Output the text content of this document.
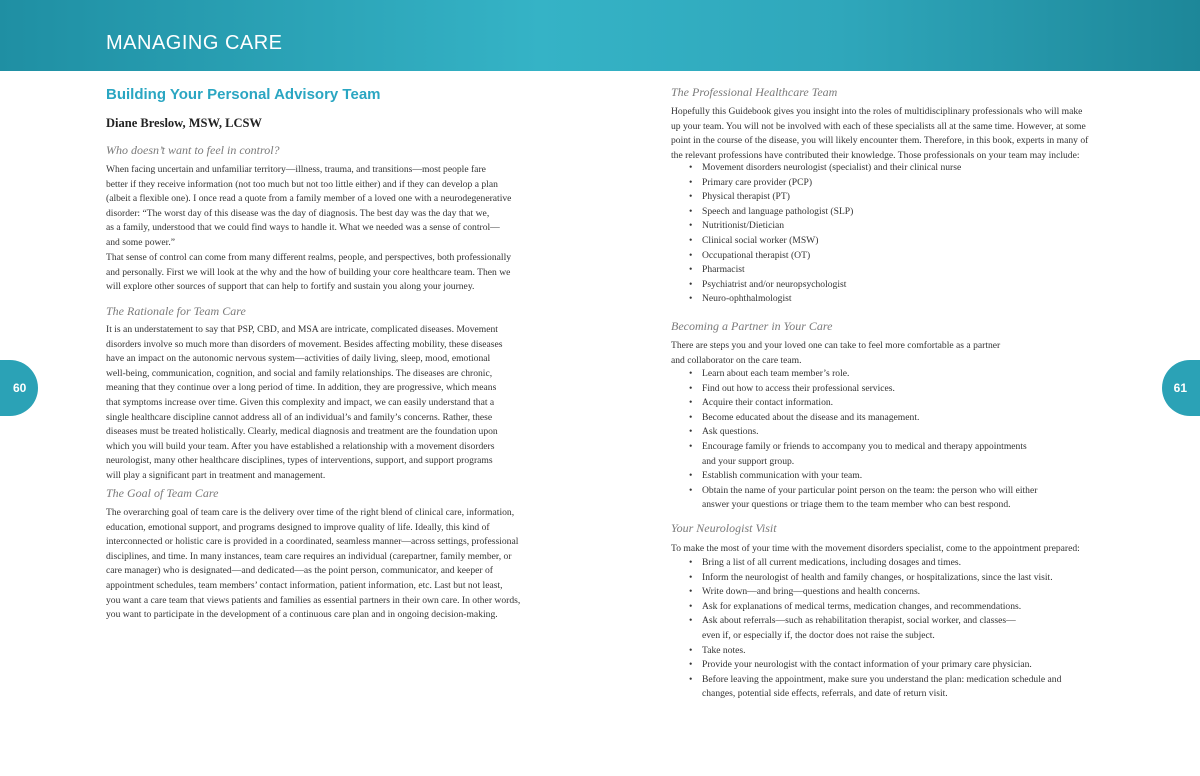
MANAGING CARE
60	61
Building Your Personal Advisory Team
Diane Breslow, MSW, LCSW
Who doesn’t want to feel in control?
When facing uncertain and unfamiliar territory—illness, trauma, and transitions—most people fare
better if they receive information (not too much but not too little either) and if they can develop a plan
(albeit a flexible one). I once read a quote from a family member of a loved one with a neurodegenerative
disorder: “The worst day of this disease was the day of diagnosis. The best day was the day that we,
as a family, understood that we could find ways to handle it. What we needed was a sense of control—
and some power.”
That sense of control can come from many different realms, people, and perspectives, both professionally
and personally. First we will look at the why and the how of building your core healthcare team. Then we
will explore other sources of support that can help to fortify and sustain you along your journey.
The Rationale for Team Care
It is an understatement to say that PSP, CBD, and MSA are intricate, complicated diseases. Movement
disorders involve so much more than disorders of movement. Besides affecting mobility, these diseases
have an impact on the autonomic nervous system—activities of daily living, sleep, mood, emotional
well-being, communication, cognition, and social and family relationships. The diseases are chronic,
meaning that they continue over a long period of time. In addition, they are progressive, which means
that symptoms increase over time. Given this complexity and impact, we can easily understand that a
single healthcare discipline cannot address all of an individual’s and family’s concerns. Rather, these
diseases must be treated holistically. Clearly, medical diagnosis and treatment are the foundation upon
which you will build your team. After you have established a relationship with a movement disorders
neurologist, many other healthcare disciplines, types of interventions, support, and support programs
will play a significant part in treatment and management.
The Goal of Team Care
The overarching goal of team care is the delivery over time of the right blend of clinical care, information,
education, emotional support, and programs designed to improve quality of life. Ideally, this kind of
interconnected or holistic care is provided in a coordinated, seamless manner—across settings, professional
disciplines, and time. In many instances, team care requires an individual (carepartner, family member, or
care manager) who is designated—and dedicated—as the point person, communicator, and keeper of
appointment schedules, team members’ contact information, patient information, etc. Last but not least,
you want a care team that views patients and families as essential partners in their own care. In other words,
you want to participate in the development of a continuous care plan and in ongoing decision-making.
The Professional Healthcare Team
Hopefully this Guidebook gives you insight into the roles of multidisciplinary professionals who will make
up your team. You will not be involved with each of these specialists all at the same time. However, at some
point in the course of the disease, you will likely encounter them. Therefore, in this book, experts in many of
the relevant professions have contributed their knowledge. Those professionals on your team may include:
• Movement disorders neurologist (specialist) and their clinical nurse
• Primary care provider (PCP)
• Physical therapist (PT)
• Speech and language pathologist (SLP)
• Nutritionist/Dietician
• Clinical social worker (MSW)
• Occupational therapist (OT)
• Pharmacist
• Psychiatrist and/or neuropsychologist
• Neuro-ophthalmologist
Becoming a Partner in Your Care
There are steps you and your loved one can take to feel more comfortable as a partner
and collaborator on the care team.
• Learn about each team member’s role.
• Find out how to access their professional services.
• Acquire their contact information.
• Become educated about the disease and its management.
• Ask questions.
• Encourage family or friends to accompany you to medical and therapy appointments
and your support group.
• Establish communication with your team.
• Obtain the name of your particular point person on the team: the person who will either
answer your questions or triage them to the team member who can best respond.
Your Neurologist Visit
To make the most of your time with the movement disorders specialist, come to the appointment prepared:
• Bring a list of all current medications, including dosages and times.
• Inform the neurologist of health and family changes, or hospitalizations, since the last visit.
• Write down—and bring—questions and health concerns.
• Ask for explanations of medical terms, medication changes, and recommendations.
• Ask about referrals—such as rehabilitation therapist, social worker, and classes—
even if, or especially if, the doctor does not raise the subject.
• Take notes.
• Provide your neurologist with the contact information of your primary care physician.
• Before leaving the appointment, make sure you understand the plan: medication schedule and
changes, potential side effects, referrals, and date of return visit.
